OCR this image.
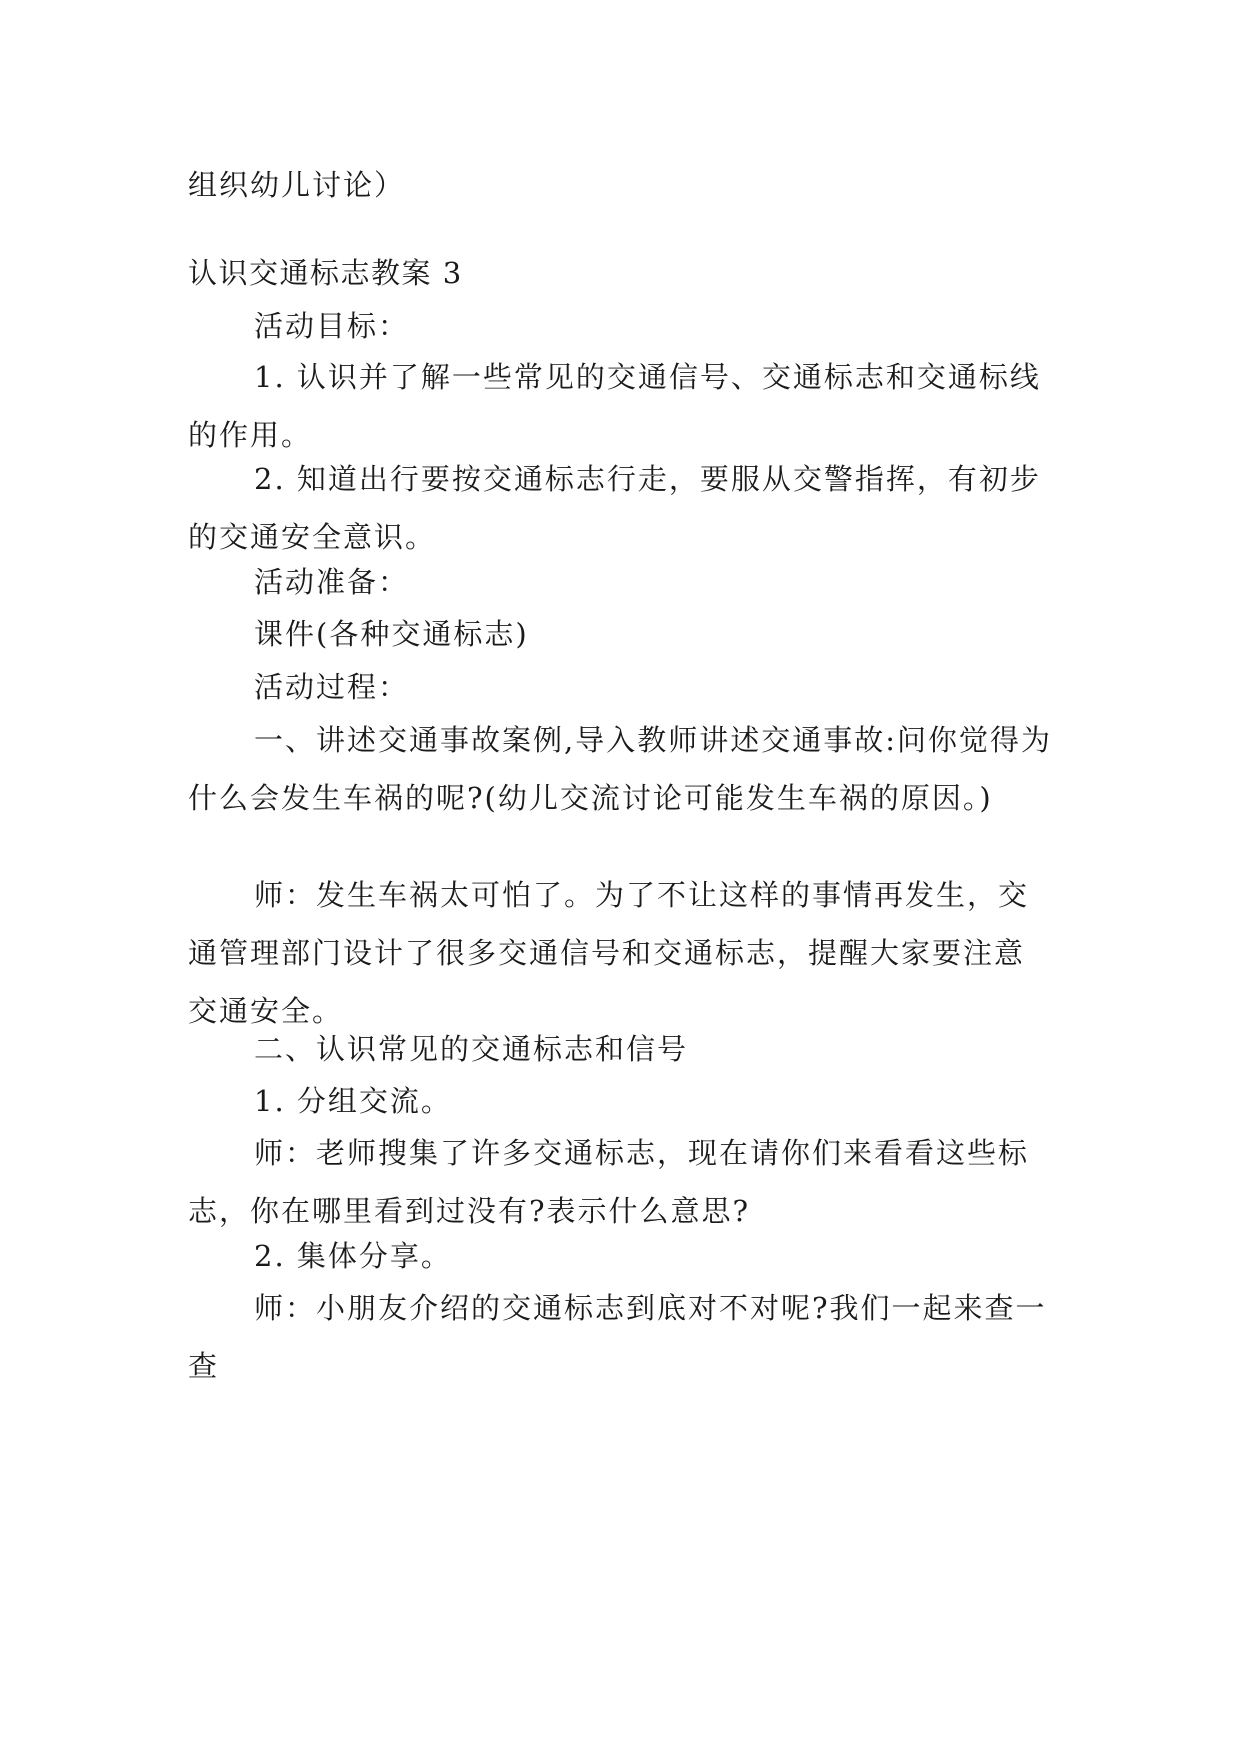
组织幼儿讨论）
认识交通标志教案 3
活动目标：
1. 认识并了解一些常见的交通信号、交通标志和交通标线的作用。
2. 知道出行要按交通标志行走，要服从交警指挥，有初步的交通安全意识。
活动准备：
课件(各种交通标志)
活动过程：
一、讲述交通事故案例,导入教师讲述交通事故:问你觉得为什么会发生车祸的呢?(幼儿交流讨论可能发生车祸的原因。)
师：发生车祸太可怕了。为了不让这样的事情再发生，交通管理部门设计了很多交通信号和交通标志，提醒大家要注意交通安全。
二、认识常见的交通标志和信号
1. 分组交流。
师：老师搜集了许多交通标志，现在请你们来看看这些标志，你在哪里看到过没有?表示什么意思?
2. 集体分享。
师：小朋友介绍的交通标志到底对不对呢?我们一起来查一查
